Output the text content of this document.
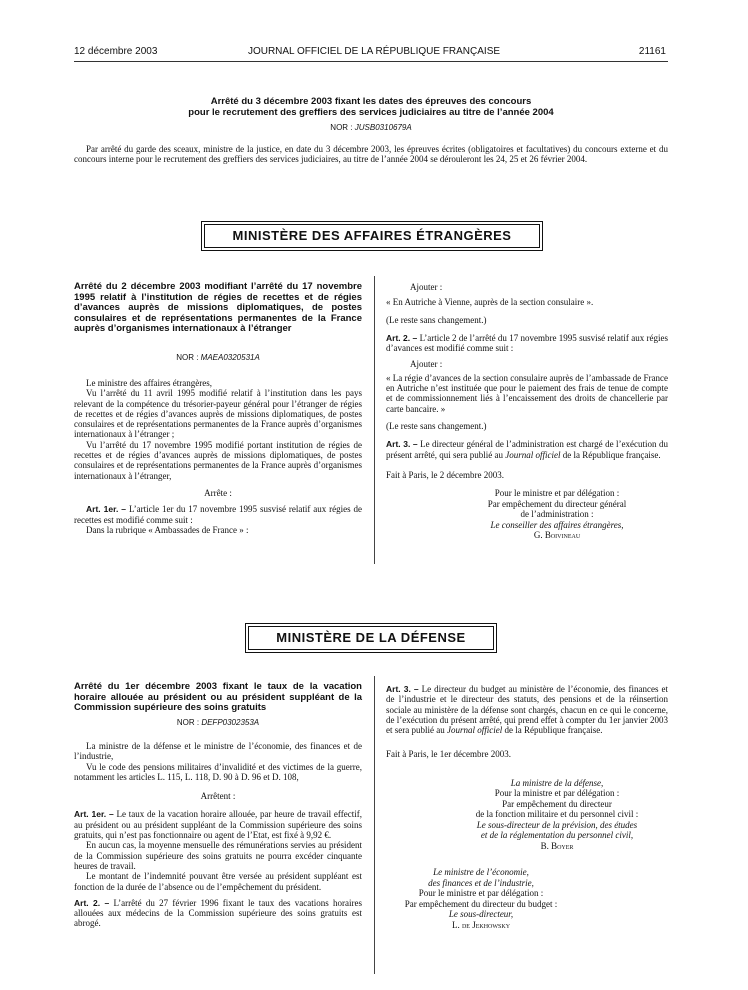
12 décembre 2003	JOURNAL OFFICIEL DE LA RÉPUBLIQUE FRANÇAISE	21161
Arrêté du 3 décembre 2003 fixant les dates des épreuves des concours
pour le recrutement des greffiers des services judiciaires au titre de l’année 2004
NOR : JUSB0310679A

Par arrêté du garde des sceaux, ministre de la justice, en date du 3 décembre 2003, les épreuves écrites (obligatoires et facultatives) du concours externe et du concours interne pour le recrutement des greffiers des services judiciaires, au titre de l’année 2004 se dérouleront les 24, 25 et 26 février 2004.

MINISTÈRE DES AFFAIRES ÉTRANGÈRES
Arrêté du 2 décembre 2003 modifiant l’arrêté du 17 novembre 1995 relatif à l’institution de régies de recettes et de régies d’avances auprès de missions diplomatiques, de postes consulaires et de représentations permanentes de la France auprès d’organismes internationaux à l’étranger
NOR : MAEA0320531A

Le ministre des affaires étrangères,

Vu l’arrêté du 11 avril 1995 modifié relatif à l’institution dans les pays relevant de la compétence du trésorier-payeur général pour l’étranger de régies de recettes et de régies d’avances auprès de missions diplomatiques, de postes consulaires et de représentations permanentes de la France auprès d’organismes internationaux à l’étranger ;

Vu l’arrêté du 17 novembre 1995 modifié portant institution de régies de recettes et de régies d’avances auprès de missions diplomatiques, de postes consulaires et de représentations permanentes de la France auprès d’organismes internationaux à l’étranger,

Arrête :

Art. 1er. – L’article 1er du 17 novembre 1995 susvisé relatif aux régies de recettes est modifié comme suit :

Dans la rubrique « Ambassades de France » :

Ajouter :

« En Autriche à Vienne, auprès de la section consulaire ».

(Le reste sans changement.)

Art. 2. – L’article 2 de l’arrêté du 17 novembre 1995 susvisé relatif aux régies d’avances est modifié comme suit :

Ajouter :

« La régie d’avances de la section consulaire auprès de l’ambassade de France en Autriche n’est instituée que pour le paiement des frais de tenue de compte et de commissionnement liés à l’encaissement des droits de chancellerie par carte bancaire. »

(Le reste sans changement.)

Art. 3. – Le directeur général de l’administration est chargé de l’exécution du présent arrêté, qui sera publié au Journal officiel de la République française.

Fait à Paris, le 2 décembre 2003.

Pour le ministre et par délégation :
Par empêchement du directeur général
de l’administration :
Le conseiller des affaires étrangères,
G. Boivineau
MINISTÈRE DE LA DÉFENSE
Arrêté du 1er décembre 2003 fixant le taux de la vacation horaire allouée au président ou au président suppléant de la Commission supérieure des soins gratuits
NOR : DEFP0302353A

La ministre de la défense et le ministre de l’économie, des finances et de l’industrie,

Vu le code des pensions militaires d’invalidité et des victimes de la guerre, notamment les articles L. 115, L. 118, D. 90 à D. 96 et D. 108,

Arrêtent :

Art. 1er. – Le taux de la vacation horaire allouée, par heure de travail effectif, au président ou au président suppléant de la Commission supérieure des soins gratuits, qui n’est pas fonctionnaire ou agent de l’Etat, est fixé à 9,92 €.

En aucun cas, la moyenne mensuelle des rémunérations servies au président de la Commission supérieure des soins gratuits ne pourra excéder cinquante heures de travail.

Le montant de l’indemnité pouvant être versée au président suppléant est fonction de la durée de l’absence ou de l’empêchement du président.

Art. 2. – L’arrêté du 27 février 1996 fixant le taux des vacations horaires allouées aux médecins de la Commission supérieure des soins gratuits est abrogé.

Art. 3. – Le directeur du budget au ministère de l’économie, des finances et de l’industrie et le directeur des statuts, des pensions et de la réinsertion sociale au ministère de la défense sont chargés, chacun en ce qui le concerne, de l’exécution du présent arrêté, qui prend effet à compter du 1er janvier 2003 et sera publié au Journal officiel de la République française.

Fait à Paris, le 1er décembre 2003.

La ministre de la défense,
Pour la ministre et par délégation :
Par empêchement du directeur
de la fonction militaire et du personnel civil :
Le sous-directeur de la prévision, des études
et de la réglementation du personnel civil,
B. Boyer
Le ministre de l’économie,
des finances et de l’industrie,
Pour le ministre et par délégation :
Par empêchement du directeur du budget :
Le sous-directeur,
L. de Jekhowsky
